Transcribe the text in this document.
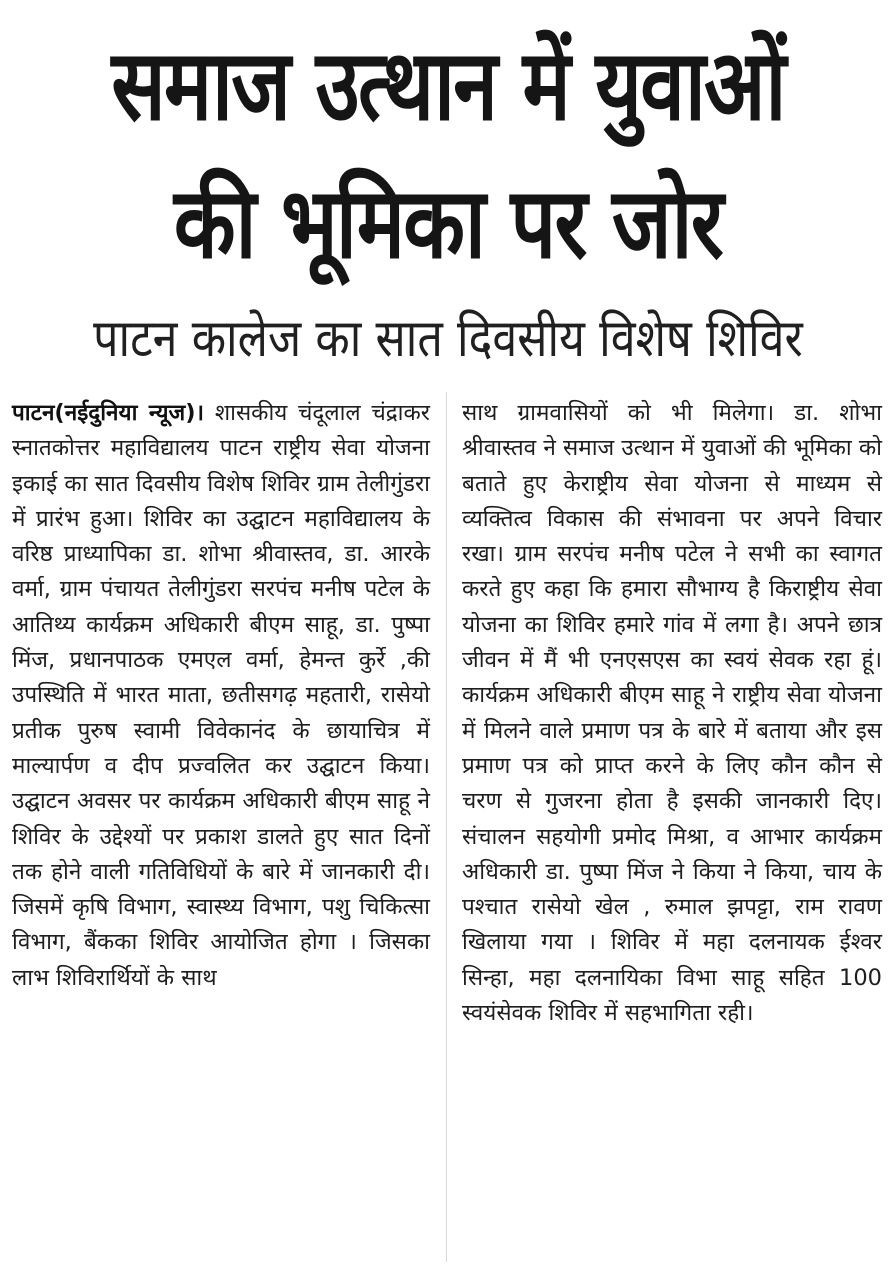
समाज उत्थान में युवाओं
की भूमिका पर जोर
पाटन कालेज का सात दिवसीय विशेष शिविर

पाटन(नईदुनिया न्यूज)। शासकीय चंदूलाल चंद्राकर स्नातकोत्तर महाविद्यालय पाटन राष्ट्रीय सेवा योजना इकाई का सात दिवसीय विशेष शिविर ग्राम तेलीगुंडरा में प्रारंभ हुआ। शिविर का उद्घाटन महाविद्यालय के वरिष्ठ प्राध्यापिका डा. शोभा श्रीवास्तव, डा. आरके वर्मा, ग्राम पंचायत तेलीगुंडरा सरपंच मनीष पटेल के आतिथ्य कार्यक्रम अधिकारी बीएम साहू, डा. पुष्पा मिंज, प्रधानपाठक एमएल वर्मा, हेमन्त कुर्रे ,की उपस्थिति में भारत माता, छतीसगढ़ महतारी, रासेयो प्रतीक पुरुष स्वामी विवेकानंद के छायाचित्र में माल्यार्पण व दीप प्रज्वलित कर उद्घाटन किया। उद्घाटन अवसर पर कार्यक्रम अधिकारी बीएम साहू ने शिविर के उद्देश्यों पर प्रकाश डालते हुए सात दिनों तक होने वाली गतिविधियों के बारे में जानकारी दी। जिसमें कृषि विभाग, स्वास्थ्य विभाग, पशु चिकित्सा विभाग, बैंकका शिविर आयोजित होगा । जिसका लाभ शिविरार्थियों के साथ

साथ ग्रामवासियों को भी मिलेगा। डा. शोभा श्रीवास्तव ने समाज उत्थान में युवाओं की भूमिका को बताते हुए केराष्ट्रीय सेवा योजना से माध्यम से व्यक्तित्व विकास की संभावना पर अपने विचार रखा। ग्राम सरपंच मनीष पटेल ने सभी का स्वागत करते हुए कहा कि हमारा सौभाग्य है किराष्ट्रीय सेवा योजना का शिविर हमारे गांव में लगा है। अपने छात्र जीवन में मैं भी एनएसएस का स्वयं सेवक रहा हूं। कार्यक्रम अधिकारी बीएम साहू ने राष्ट्रीय सेवा योजना में मिलने वाले प्रमाण पत्र के बारे में बताया और इस प्रमाण पत्र को प्राप्त करने के लिए कौन कौन से चरण से गुजरना होता है इसकी जानकारी दिए। संचालन सहयोगी प्रमोद मिश्रा, व आभार कार्यक्रम अधिकारी डा. पुष्पा मिंज ने किया ने किया, चाय के पश्चात रासेयो खेल , रुमाल झपट्टा, राम रावण खिलाया गया । शिविर में महा दलनायक ईश्वर सिन्हा, महा दलनायिका विभा साहू सहित 100 स्वयंसेवक शिविर में सहभागिता रही।
